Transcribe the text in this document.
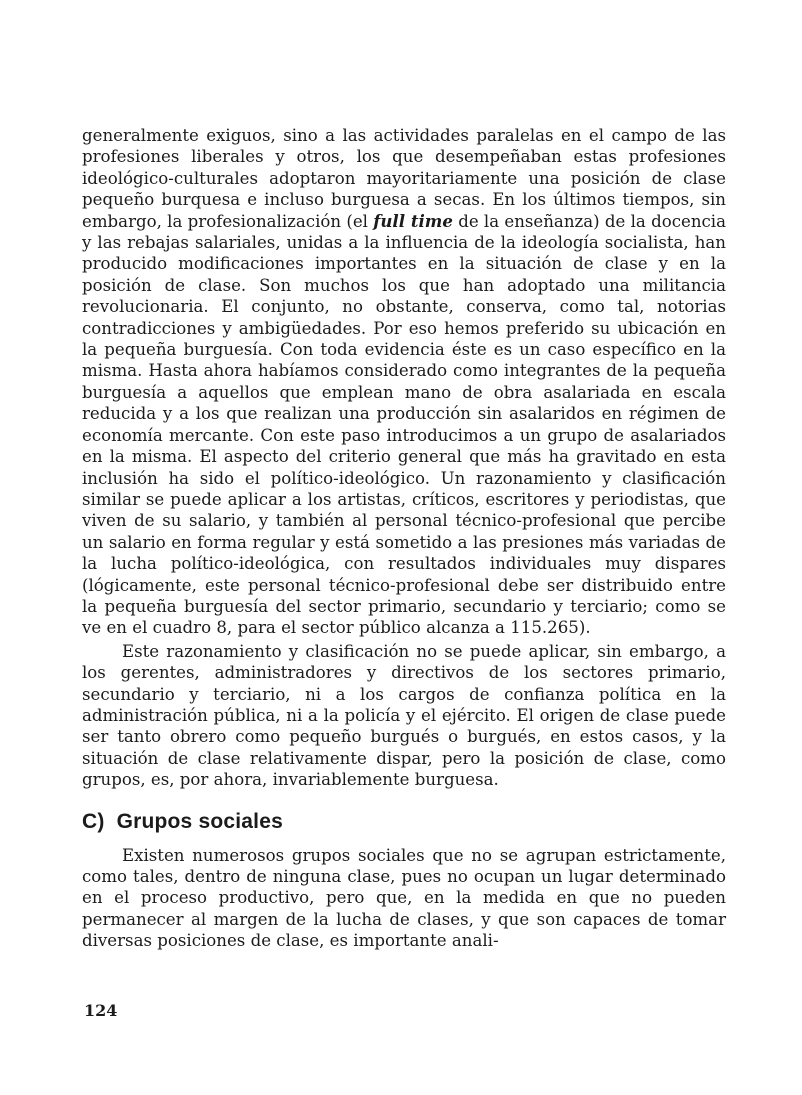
generalmente exiguos, sino a las actividades paralelas en el campo de las profesiones liberales y otros, los que desempeñaban estas profesiones ideológico-culturales adoptaron mayoritariamente una posición de clase pequeño burquesa e incluso burguesa a secas. En los últimos tiempos, sin embargo, la profesionalización (el full time de la enseñanza) de la docencia y las rebajas salariales, unidas a la influencia de la ideología socialista, han producido modificaciones importantes en la situación de clase y en la posición de clase. Son muchos los que han adoptado una militancia revolucionaria. El conjunto, no obstante, conserva, como tal, notorias contradicciones y ambigüedades. Por eso hemos preferido su ubicación en la pequeña burguesía. Con toda evidencia éste es un caso específico en la misma. Hasta ahora habíamos considerado como integrantes de la pequeña burguesía a aquellos que emplean mano de obra asalariada en escala reducida y a los que realizan una producción sin asalaridos en régimen de economía mercante. Con este paso introducimos a un grupo de asalariados en la misma. El aspecto del criterio general que más ha gravitado en esta inclusión ha sido el político-ideológico. Un razonamiento y clasificación similar se puede aplicar a los artistas, críticos, escritores y periodistas, que viven de su salario, y también al personal técnico-profesional que percibe un salario en forma regular y está sometido a las presiones más variadas de la lucha político-ideológica, con resultados individuales muy dispares (lógicamente, este personal técnico-profesional debe ser distribuido entre la pequeña burguesía del sector primario, secundario y terciario; como se ve en el cuadro 8, para el sector público alcanza a 115.265).

Este razonamiento y clasificación no se puede aplicar, sin embargo, a los gerentes, administradores y directivos de los sectores primario, secundario y terciario, ni a los cargos de confianza política en la administración pública, ni a la policía y el ejército. El origen de clase puede ser tanto obrero como pequeño burgués o burgués, en estos casos, y la situación de clase relativamente dispar, pero la posición de clase, como grupos, es, por ahora, invariablemente burguesa.

C) Grupos sociales

Existen numerosos grupos sociales que no se agrupan estrictamente, como tales, dentro de ninguna clase, pues no ocupan un lugar determinado en el proceso productivo, pero que, en la medida en que no pueden permanecer al margen de la lucha de clases, y que son capaces de tomar diversas posiciones de clase, es importante anali-

124
